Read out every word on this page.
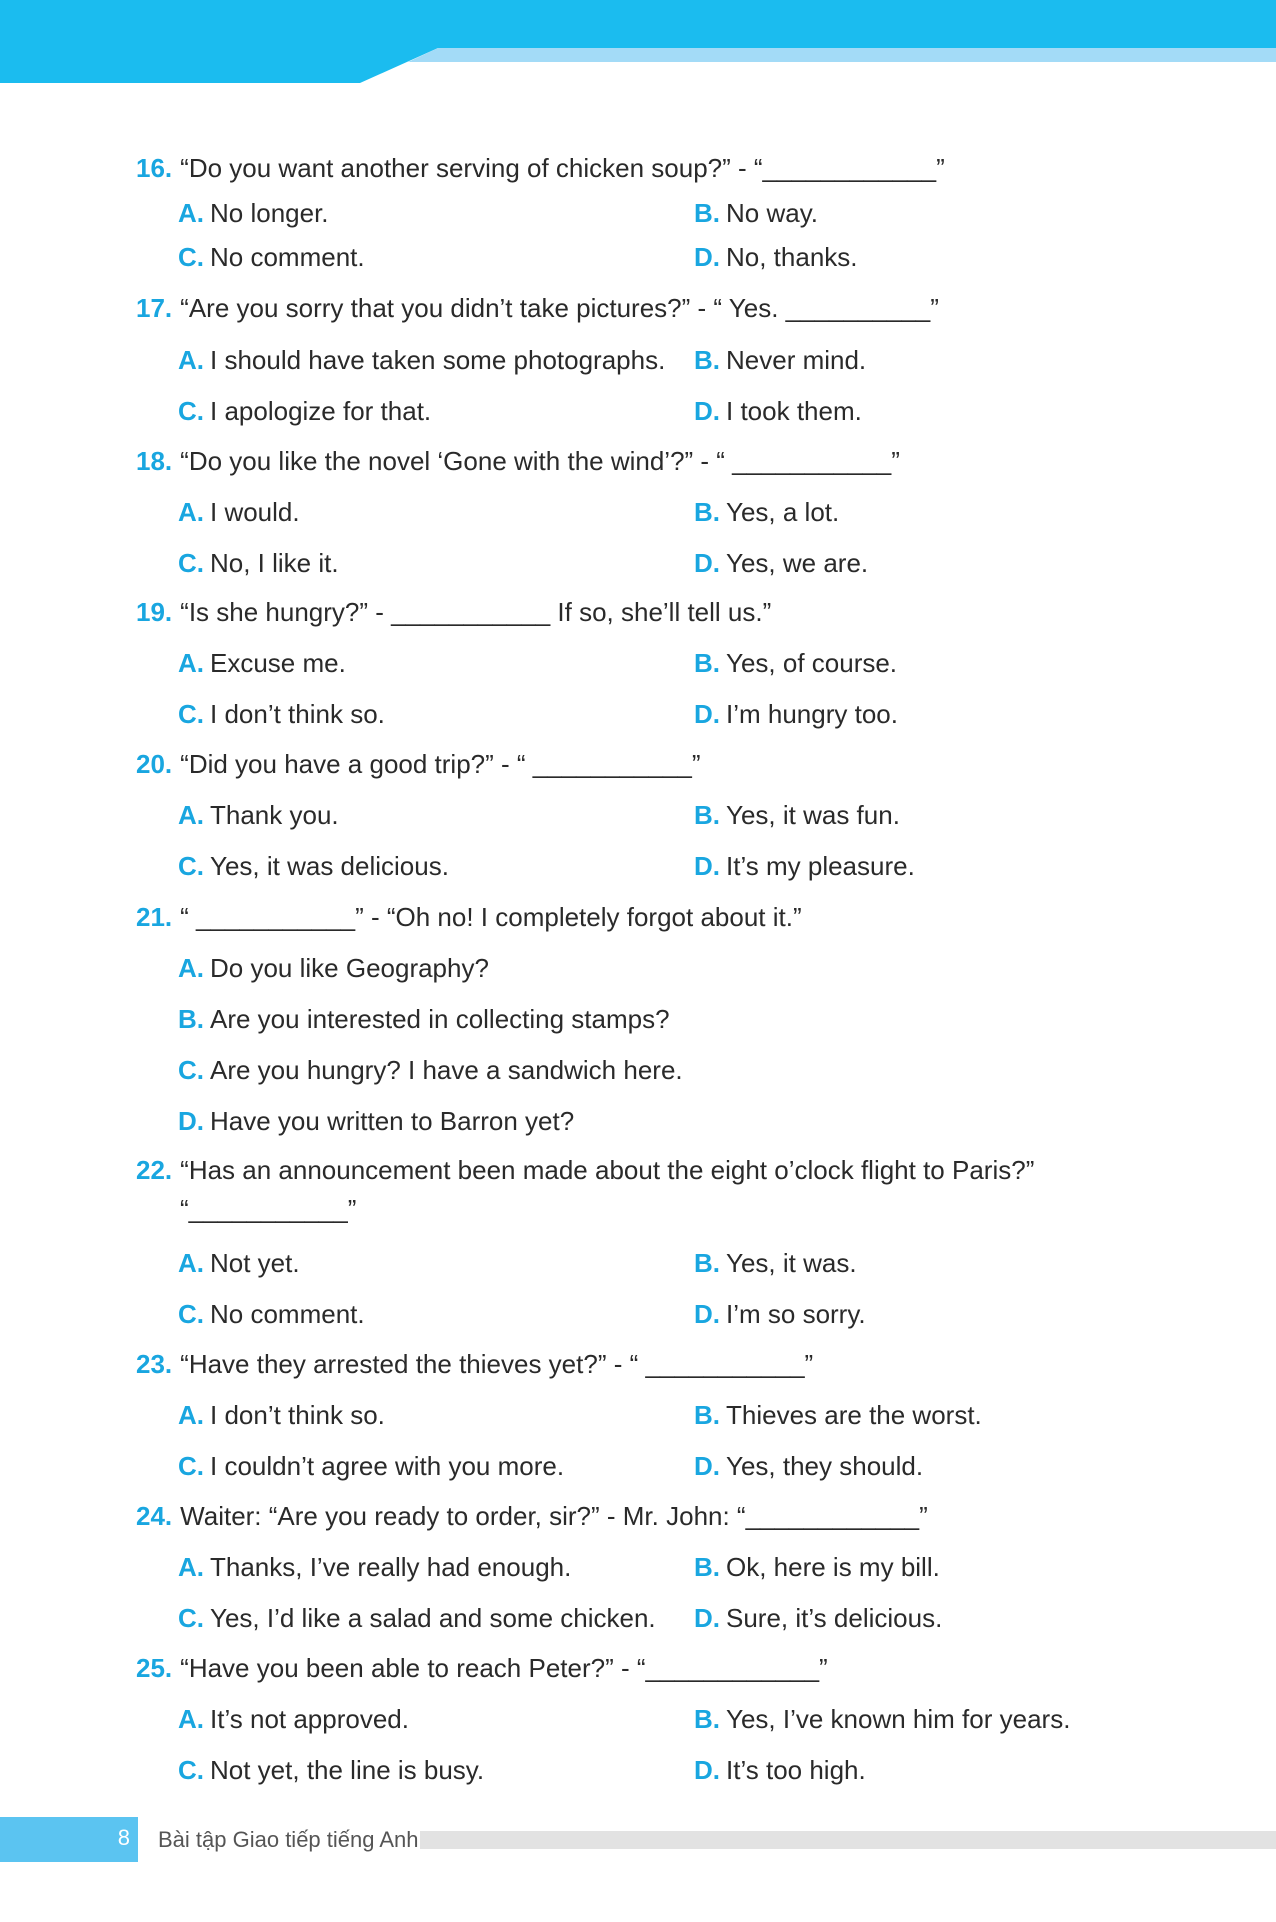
16. “Do you want another serving of chicken soup?” - “____________”
A. No longer.	B. No way.
C. No comment.	D. No, thanks.
17. “Are you sorry that you didn’t take pictures?” - “ Yes. __________”
A. I should have taken some photographs. B. Never mind.
C. I apologize for that.	D. I took them.
18. “Do you like the novel ‘Gone with the wind’?” - “ ___________”
A. I would.	B. Yes, a lot.
C. No, I like it.	D. Yes, we are.
19. “Is she hungry?” - ___________ If so, she’ll tell us.”
A. Excuse me.	B. Yes, of course.
C. I don’t think so.	D. I’m hungry too.
20. “Did you have a good trip?” - “ ___________”
A. Thank you.	B. Yes, it was fun.
C. Yes, it was delicious.	D. It’s my pleasure.
21. “ ___________” - “Oh no! I completely forgot about it.”
A. Do you like Geography?
B. Are you interested in collecting stamps?
C. Are you hungry? I have a sandwich here.
D. Have you written to Barron yet?
22. “Has an announcement been made about the eight o’clock flight to Paris?”
“___________”
A. Not yet.	B. Yes, it was.
C. No comment.	D. I’m so sorry.
23. “Have they arrested the thieves yet?” - “ ___________”
A. I don’t think so.	B. Thieves are the worst.
C. I couldn’t agree with you more.	D. Yes, they should.
24. Waiter: “Are you ready to order, sir?” - Mr. John: “____________”
A. Thanks, I’ve really had enough.	B. Ok, here is my bill.
C. Yes, I’d like a salad and some chicken. D. Sure, it’s delicious.
25. “Have you been able to reach Peter?” - “____________”
A. It’s not approved.	B. Yes, I’ve known him for years.
C. Not yet, the line is busy.	D. It’s too high.
8 Bài tập Giao tiếp tiếng Anh
